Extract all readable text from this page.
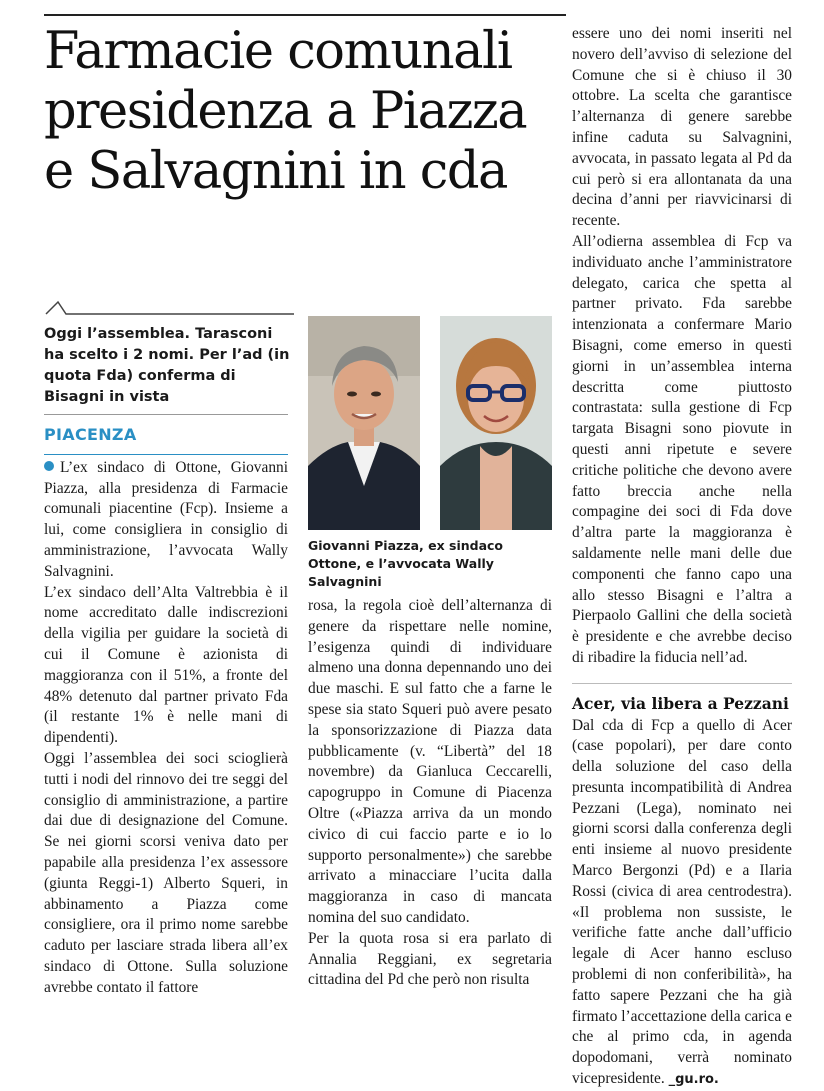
Farmacie comunali
presidenza a Piazza
e Salvagnini in cda
Oggi l’assemblea. Tarasconi ha scelto i 2 nomi. Per l’ad (in quota Fda) conferma di Bisagni in vista
Giovanni Piazza, ex sindaco Ottone, e l’avvocata Wally Salvagnini
PIACENZA

L’ex sindaco di Ottone, Giovanni Piazza, alla presidenza di Farmacie comunali piacentine (Fcp). Insieme a lui, come consigliera in consiglio di amministrazione, l’avvocata Wally Salvagnini.

L’ex sindaco dell’Alta Valtrebbia è il nome accreditato dalle indiscrezioni della vigilia per guidare la società di cui il Comune è azionista di maggioranza con il 51%, a fronte del 48% detenuto dal partner privato Fda (il restante 1% è nelle mani di dipendenti).

Oggi l’assemblea dei soci scioglierà tutti i nodi del rinnovo dei tre seggi del consiglio di amministrazione, a partire dai due di designazione del Comune. Se nei giorni scorsi veniva dato per papabile alla presidenza l’ex assessore (giunta Reggi-1) Alberto Squeri, in abbinamento a Piazza come consigliere, ora il primo nome sarebbe caduto per lasciare strada libera all’ex sindaco di Ottone. Sulla soluzione avrebbe contato il fattore

rosa, la regola cioè dell’alternanza di genere da rispettare nelle nomine, l’esigenza quindi di individuare almeno una donna depennando uno dei due maschi. E sul fatto che a farne le spese sia stato Squeri può avere pesato la sponsorizzazione di Piazza data pubblicamente (v. “Libertà” del 18 novembre) da Gianluca Ceccarelli, capogruppo in Comune di Piacenza Oltre («Piazza arriva da un mondo civico di cui faccio parte e io lo supporto personalmente») che sarebbe arrivato a minacciare l’ucita dalla maggioranza in caso di mancata nomina del suo candidato.

Per la quota rosa si era parlato di Annalia Reggiani, ex segretaria cittadina del Pd che però non risulta

essere uno dei nomi inseriti nel novero dell’avviso di selezione del Comune che si è chiuso il 30 ottobre. La scelta che garantisce l’alternanza di genere sarebbe infine caduta su Salvagnini, avvocata, in passato legata al Pd da cui però si era allontanata da una decina d’anni per riavvicinarsi di recente.

All’odierna assemblea di Fcp va individuato anche l’amministratore delegato, carica che spetta al partner privato. Fda sarebbe intenzionata a confermare Mario Bisagni, come emerso in questi giorni in un’assemblea interna descritta come piuttosto contrastata: sulla gestione di Fcp targata Bisagni sono piovute in questi anni ripetute e severe critiche politiche che devono avere fatto breccia anche nella compagine dei soci di Fda dove d’altra parte la maggioranza è saldamente nelle mani delle due componenti che fanno capo una allo stesso Bisagni e l’altra a Pierpaolo Gallini che della società è presidente e che avrebbe deciso di ribadire la fiducia nell’ad.

Acer, via libera a Pezzani

Dal cda di Fcp a quello di Acer (case popolari), per dare conto della soluzione del caso della presunta incompatibilità di Andrea Pezzani (Lega), nominato nei giorni scorsi dalla conferenza degli enti insieme al nuovo presidente Marco Bergonzi (Pd) e a Ilaria Rossi (civica di area centrodestra). «Il problema non sussiste, le verifiche fatte anche dall’ufficio legale di Acer hanno escluso problemi di non conferibilità», ha fatto sapere Pezzani che ha già firmato l’accettazione della carica e che al primo cda, in agenda dopodomani, verrà nominato vicepresidente. _gu.ro.
